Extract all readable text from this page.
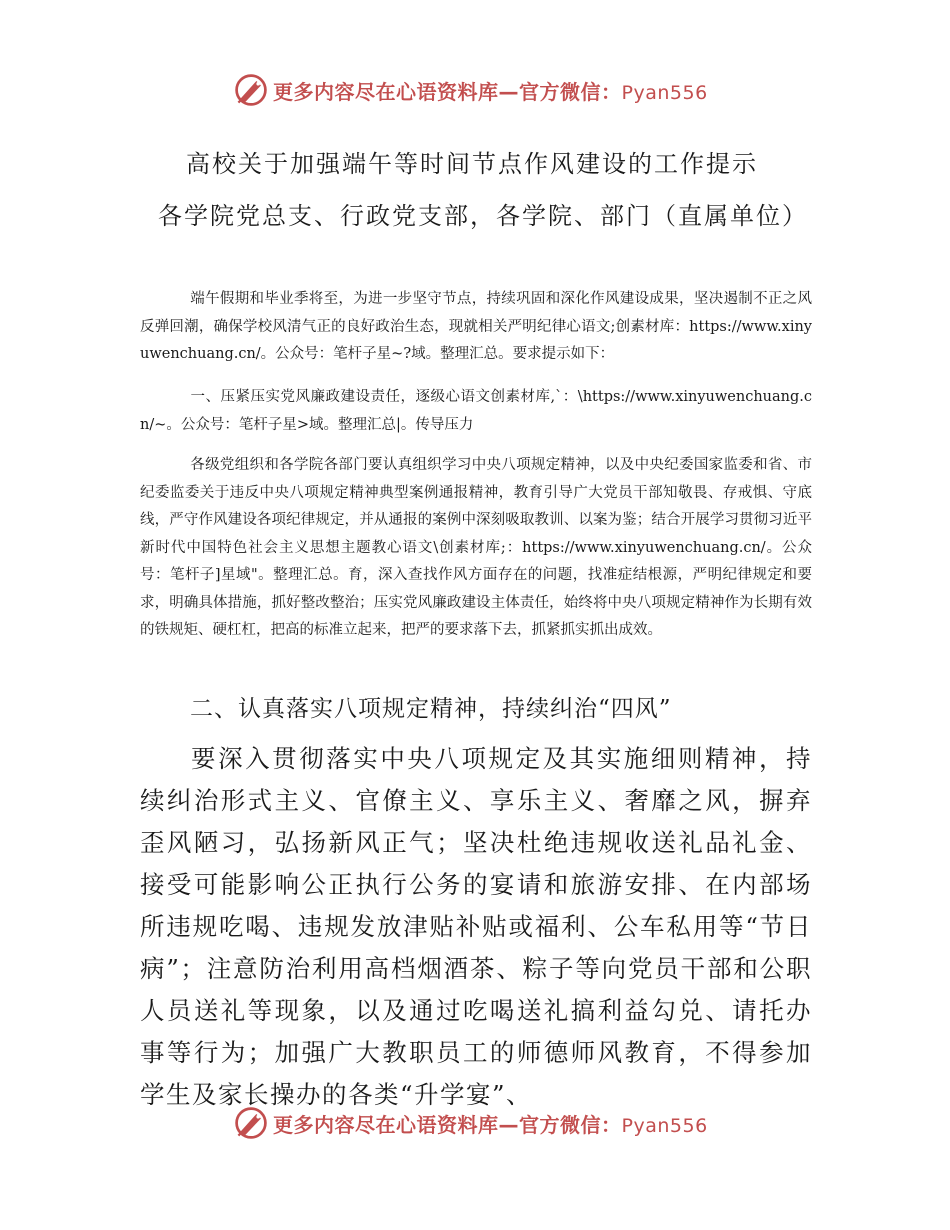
更多内容尽在心语资料库—官方微信：Pyan556
高校关于加强端午等时间节点作风建设的工作提示
各学院党总支、行政党支部，各学院、部门（直属单位）
端午假期和毕业季将至，为进一步坚守节点，持续巩固和深化作风建设成果，坚决遏制不正之风反弹回潮，确保学校风清气正的良好政治生态，现就相关严明纪律心语文;创素材库：https://www.xinyuwenchuang.cn/。公众号：笔杆子星~?域。整理汇总。要求提示如下：
一、压紧压实党风廉政建设责任，逐级心语文创素材库,`：\https://www.xinyuwenchuang.cn/~。公众号：笔杆子星>域。整理汇总|。传导压力
各级党组织和各学院各部门要认真组织学习中央八项规定精神，以及中央纪委国家监委和省、市纪委监委关于违反中央八项规定精神典型案例通报精神，教育引导广大党员干部知敬畏、存戒惧、守底线，严守作风建设各项纪律规定，并从通报的案例中深刻吸取教训、以案为鉴；结合开展学习贯彻习近平新时代中国特色社会主义思想主题教心语文\创素材库;：https://www.xinyuwenchuang.cn/。公众号：笔杆子]星域"。整理汇总。育，深入查找作风方面存在的问题，找准症结根源，严明纪律规定和要求，明确具体措施，抓好整改整治；压实党风廉政建设主体责任，始终将中央八项规定精神作为长期有效的铁规矩、硬杠杠，把高的标准立起来，把严的要求落下去，抓紧抓实抓出成效。
二、认真落实八项规定精神，持续纠治“四风”
要深入贯彻落实中央八项规定及其实施细则精神，持续纠治形式主义、官僚主义、享乐主义、奢靡之风，摒弃歪风陋习，弘扬新风正气；坚决杜绝违规收送礼品礼金、接受可能影响公正执行公务的宴请和旅游安排、在内部场所违规吃喝、违规发放津贴补贴或福利、公车私用等“节日病”；注意防治利用高档烟酒茶、粽子等向党员干部和公职人员送礼等现象，以及通过吃喝送礼搞利益勾兑、请托办事等行为；加强广大教职员工的师德师风教育，不得参加学生及家长操办的各类“升学宴”、
更多内容尽在心语资料库—官方微信：Pyan556
